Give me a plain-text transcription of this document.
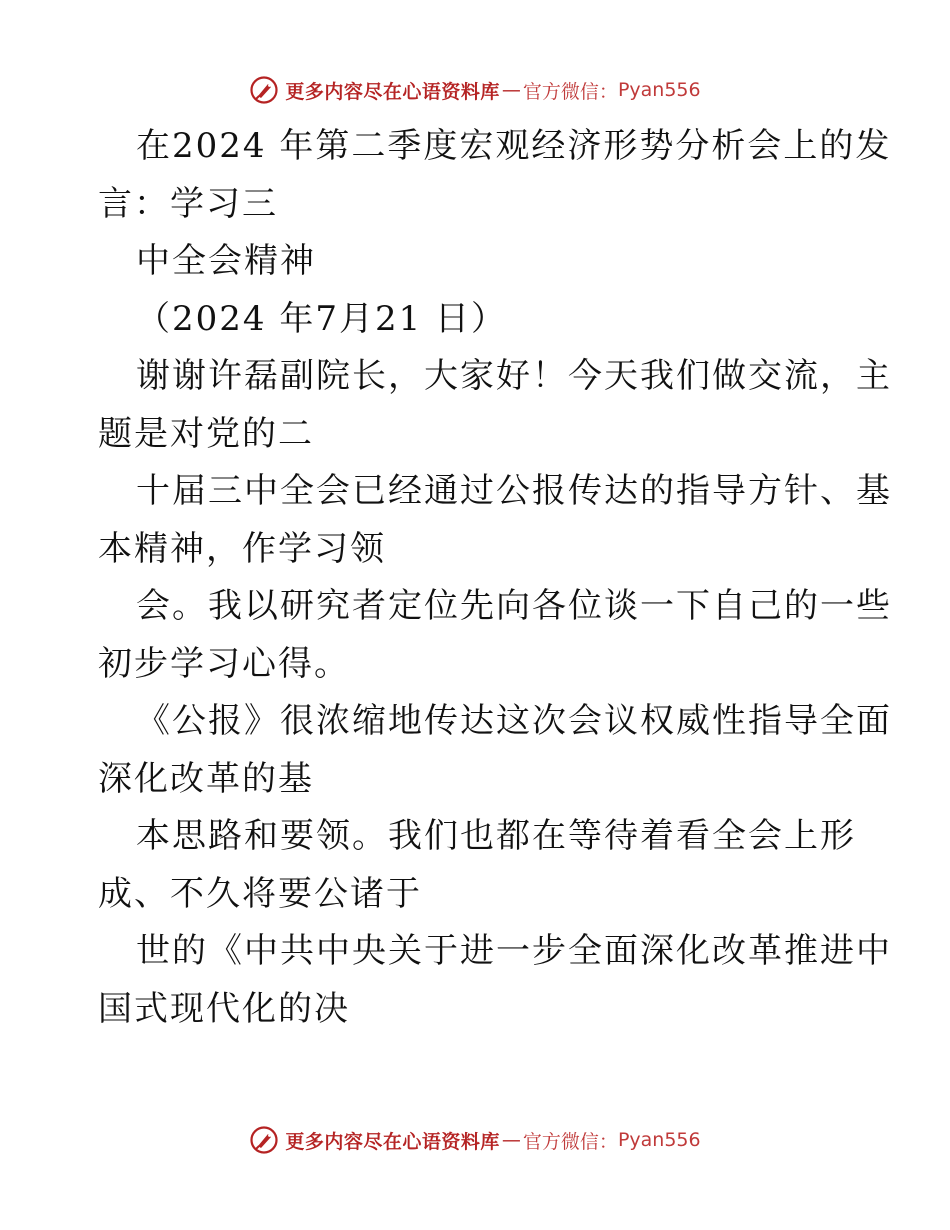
更多内容尽在心语资料库 — 官方微信： Pyan556

在2024 年第二季度宏观经济形势分析会上的发

言：学习三

中全会精神

（2024 年7月21 日）

谢谢许磊副院长，大家好！今天我们做交流，主

题是对党的二

十届三中全会已经通过公报传达的指导方针、基

本精神，作学习领

会。我以研究者定位先向各位谈一下自己的一些

初步学习心得。

《公报》很浓缩地传达这次会议权威性指导全面

深化改革的基

本思路和要领。我们也都在等待着看全会上形

成、不久将要公诸于

世的《中共中央关于进一步全面深化改革推进中

国式现代化的决

更多内容尽在心语资料库 — 官方微信： Pyan556
